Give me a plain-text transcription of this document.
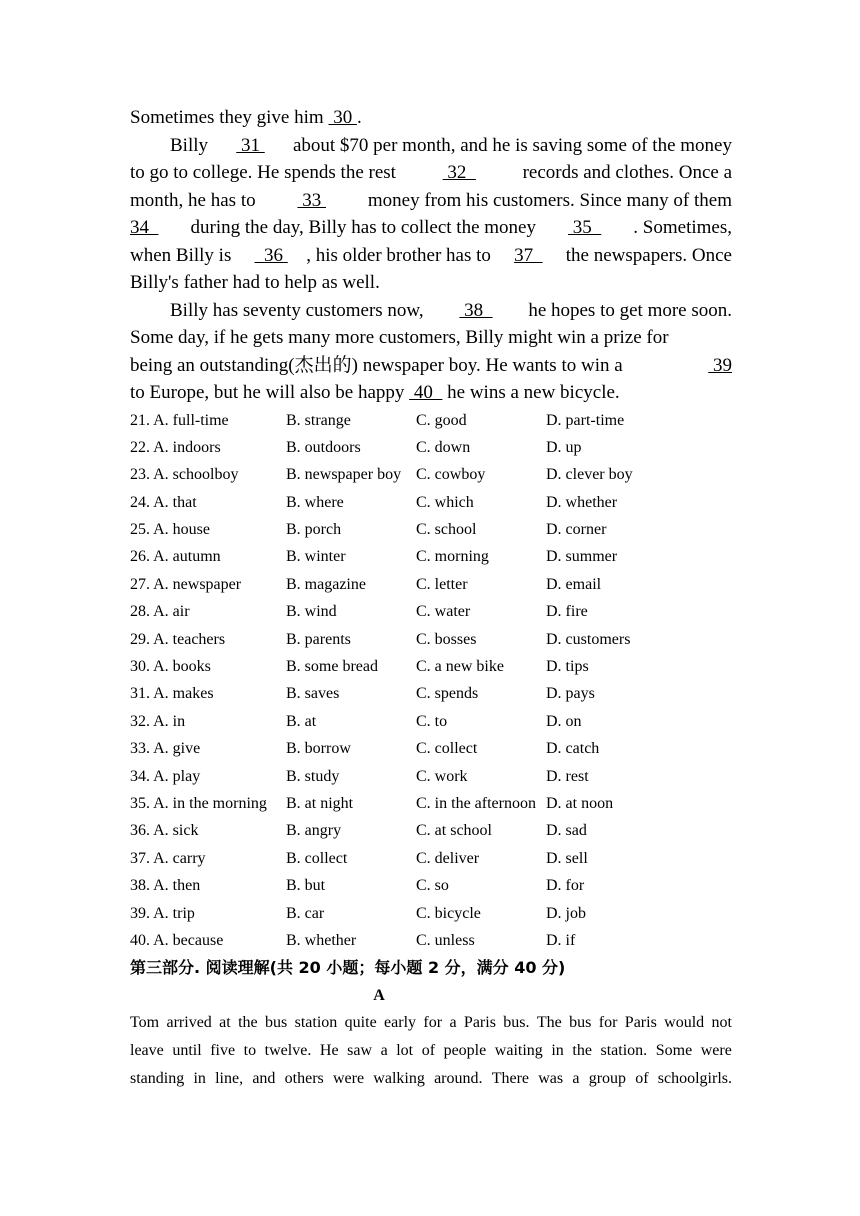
Sometimes they give him 30 .
Billy 31 about $70 per month, and he is saving some of the money
to go to college. He spends the rest 32 records and clothes. Once a
month, he has to 33 money from his customers. Since many of them
34 during the day, Billy has to collect the money 35 . Sometimes,
when Billy is 36 , his older brother has to 37 the newspapers. Once
Billy's father had to help as well.
Billy has seventy customers now, 38 he hopes to get more soon.
Some day, if he gets many more customers, Billy might win a prize for
being an outstanding(杰出的) newspaper boy. He wants to win a	39
to Europe, but he will also be happy 40 he wins a new bicycle.
21. A. full-time	B. strange	C. good	D. part-time
22. A. indoors	B. outdoors	C. down	D. up
23. A. schoolboy	B. newspaper boy C. cowboy	D. clever boy
24. A. that	B. where	C. which	D. whether
25. A. house	B. porch	C. school	D. corner
26. A. autumn	B. winter	C. morning	D. summer
27. A. newspaper	B. magazine	C. letter	D. email
28. A. air	B. wind	C. water	D. fire
29. A. teachers	B. parents	C. bosses	D. customers
30. A. books	B. some bread C. a new bike	D. tips
31. A. makes	B. saves	C. spends	D. pays
32. A. in	B. at	C. to	D. on
33. A. give	B. borrow	C. collect	D. catch
34. A. play	B. study	C. work	D. rest
35. A. in the morning B. at night	C. in the afternoon D. at noon
36. A. sick	B. angry	C. at school	D. sad
37. A. carry	B. collect	C. deliver	D. sell
38. A. then	B. but	C. so	D. for
39. A. trip	B. car	C. bicycle	D. job
40. A. because	B. whether	C. unless	D. if
第三部分. 阅读理解(共 20 小题；每小题 2 分，满分 40 分)
A
Tom arrived at the bus station quite early for a Paris bus. The bus for Paris would not
leave until five to twelve. He saw a lot of people waiting in the station. Some were
standing in line, and others were walking around. There was a group of schoolgirls.
